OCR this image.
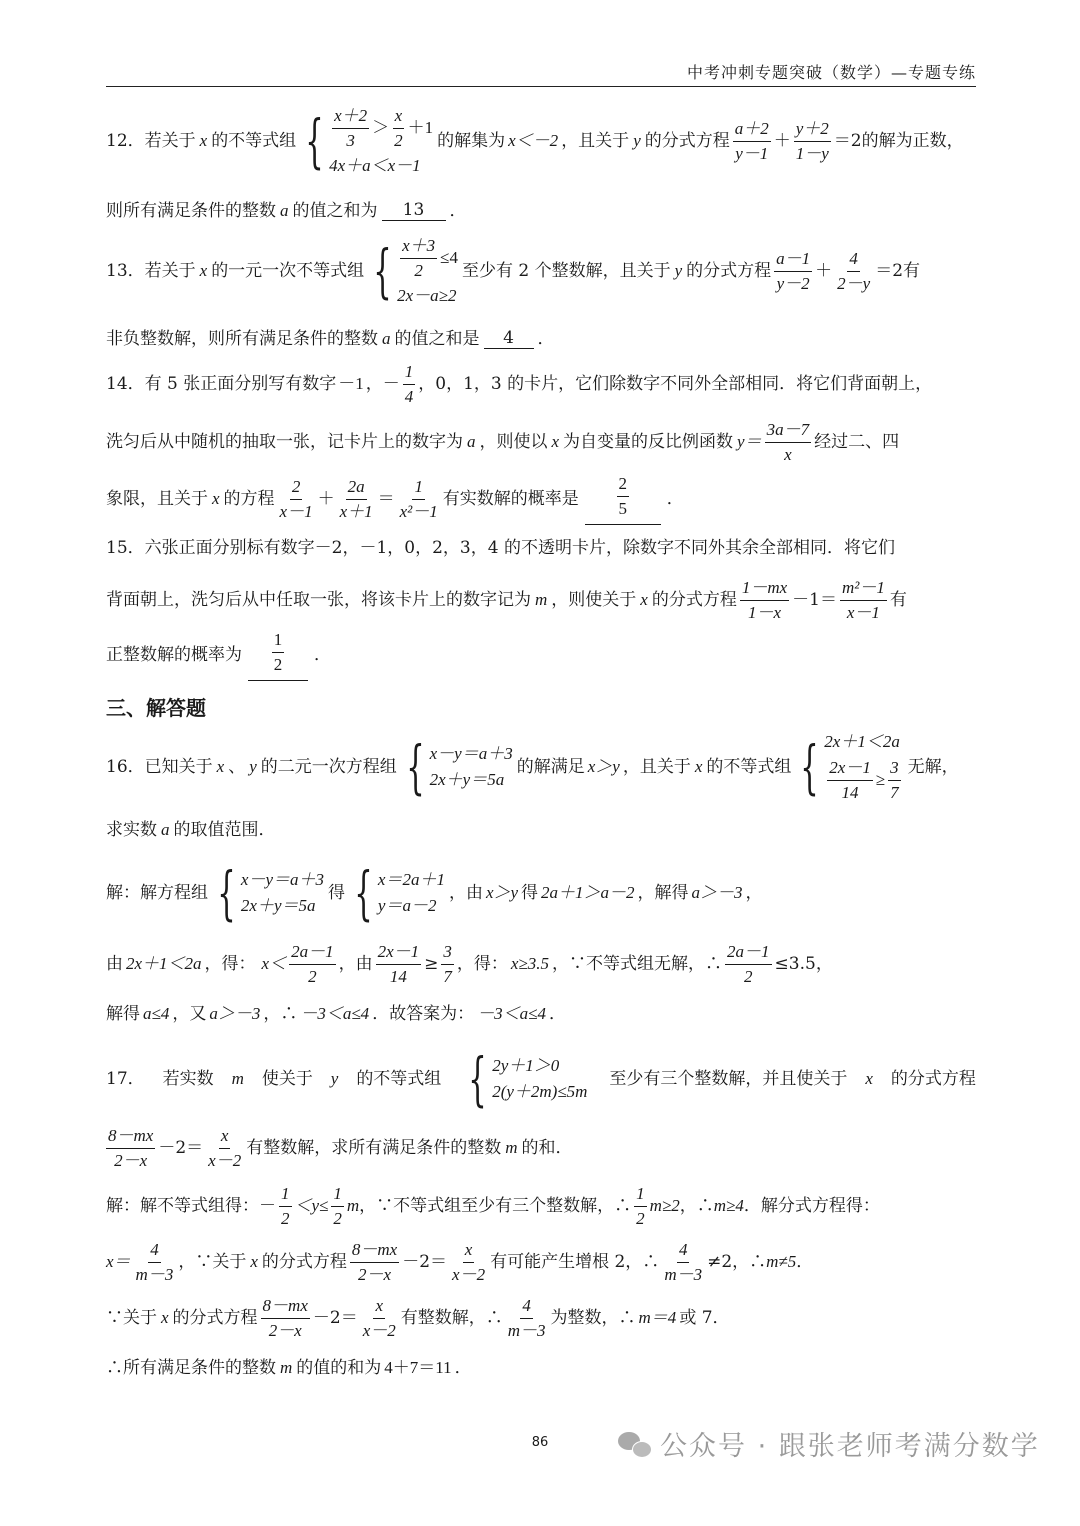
中考冲刺专题突破（数学）—专题专练
12． 若关于 x 的不等式组 { $\frac{x+2}{3} > \frac{x}{2} +1$
4x＋a＜x－1
的解集为 x＜－2 ，且关于 y 的分式方程 $\frac{a+2}{y-1} + \frac{y+2}{1-y} =2$ 的解为正数，
则所有满足条件的整数 a 的值之和为	13	．
13． 若关于 x 的一元一次不等式组 { $\frac{x+3}{2} \le 4$
2x－a≥2
至少有 2 个整数解，且关于 y 的分式方程 $\frac{a-1}{y-2} + \frac{4}{2-y} =2$ 有
非负整数解，则所有满足条件的整数 a 的值之和是	4	．
14． 有 5 张正面分别写有数字 －1 ， － $\frac{1}{4}$ ，0，1，3 的卡片，它们除数字不同外全部相同．将它们背面朝上，
洗匀后从中随机的抽取一张，记卡片上的数字为 a ，则使以 x 为自变量的反比例函数 $y= \frac{3a-7}{x}$ 经过二、四
象限，且关于 x 的方程 $\frac{2}{x-1} + \frac{2a}{x+1} = \frac{1}{\text{x²－1}}$ 有实数解的概率是
2
5 ．
15． 六张正面分别标有数字－2，－1，0，2，3，4 的不透明卡片，除数字不同外其余全部相同．将它们
背面朝上，洗匀后从中任取一张，将该卡片上的数字记为 m ，则使关于 x 的分式方程 $\frac{1-mx}{1-x} -1= \frac{\text{m²－1}}{x-1}$ 有
正整数解的概率为
1
2 ．
三、解答题
16． 已知关于 x 、 y 的二元一次方程组 { x－y＝a＋3
2x＋y＝5a
的解满足 x＞y ，且关于 x 的不等式组 { 2x＋1＜2a
$\frac{2x-1}{14} \ge \frac{3}{7}$ 无解，
求实数 a 的取值范围．
解：解方程组 { x－y＝a＋3
2x＋y＝5a
得 { x＝2a＋1
y＝a－2
，由 x＞y 得 2a＋1＞a－2 ，解得 a＞－3 ，
由 2x＋1＜2a ，得： $x< \frac{2a-1}{2}$ ，由 $\frac{2x-1}{14} \ge \frac{3}{7}$ ，得： x≥3.5 ，∵不等式组无解，∴ $\frac{2a-1}{2} \le 3.5$ ，
解得 a≤4 ，又 a＞－3 ，∴ －3＜a≤4 ．故答案为： －3＜a≤4 ．
17． 若实数 m 使关于 y 的不等式组 { 2y＋1＞0
2(y＋2m)≤5m
至少有三个整数解，并且使关于 x 的分式方程
$\frac{8-mx}{2-x} -2= \frac{x}{x-2}$ 有整数解，求所有满足条件的整数 m 的和．
解：解不等式组得： － $\frac{1}{2} <y\le \frac{1}{2}$ m ，∵不等式组至少有三个整数解，∴ $\frac{1}{2} m\ge 2$ ，∴ m≥4 ．解分式方程得：
$x= \frac{4}{m-3}$ ，∵关于 x 的分式方程 $\frac{8-mx}{2-x} -2= \frac{x}{x-2}$ 有可能产生增根 2，∴ $\frac{4}{m-3} \ne 2$ ，∴ m≠5 ．
∵关于 x 的分式方程 $\frac{8-mx}{2-x} -2= \frac{x}{x-2}$ 有整数解，∴ $\frac{4}{m-3}$ 为整数，∴ m＝4 或 7．
∴所有满足条件的整数 m 的值的和为 4＋7＝11 ．
86	公众号 · 跟张老师考满分数学
